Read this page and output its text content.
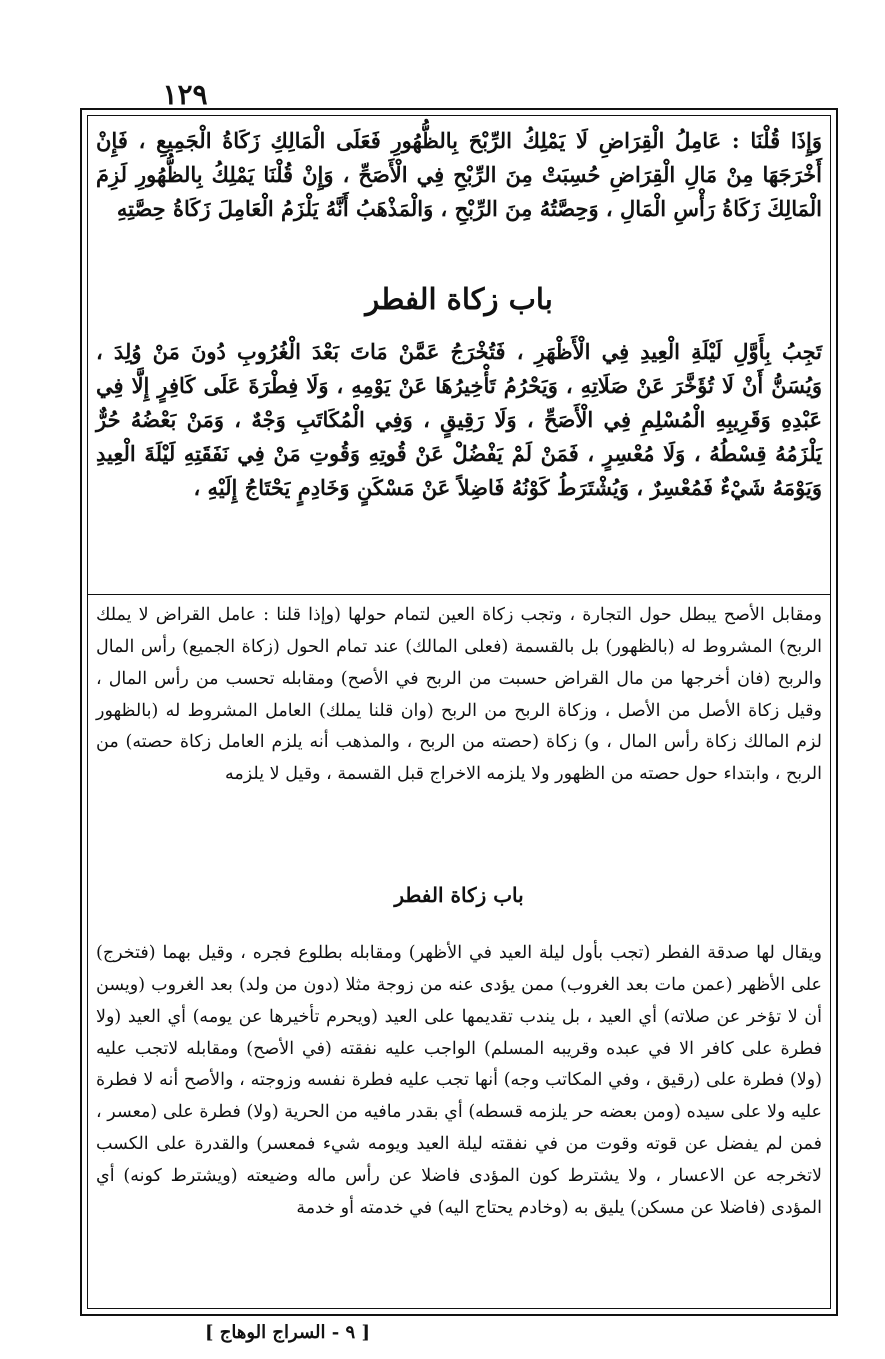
١٢٩
وَإِذَا قُلْنَا : عَامِلُ الْقِرَاضِ لَا يَمْلِكُ الرِّبْحَ بِالظُّهُورِ فَعَلَى الْمَالِكِ زَكَاةُ الْجَمِيعِ ، فَإِنْ أَخْرَجَهَا مِنْ مَالِ الْقِرَاضِ حُسِبَتْ مِنَ الرِّبْحِ فِي الْأَصَحِّ ، وَإِنْ قُلْنَا يَمْلِكُ بِالظُّهُورِ لَزِمَ الْمَالِكَ زَكَاةُ رَأْسِ الْمَالِ ، وَحِصَّتُهُ مِنَ الرِّبْحِ ، وَالْمَذْهَبُ أَنَّهُ يَلْزَمُ الْعَامِلَ زَكَاةُ حِصَّتِهِ
باب زكاة الفطر
تَجِبُ بِأَوَّلِ لَيْلَةِ الْعِيدِ فِي الْأَظْهَرِ ، فَتُخْرَجُ عَمَّنْ مَاتَ بَعْدَ الْغُرُوبِ دُونَ مَنْ وُلِدَ ، وَيُسَنُّ أَنْ لَا تُؤَخَّرَ عَنْ صَلَاتِهِ ، وَيَحْرُمُ تَأْخِيرُهَا عَنْ يَوْمِهِ ، وَلَا فِطْرَةَ عَلَى كَافِرٍ إِلَّا فِي عَبْدِهِ وَقَرِيبِهِ الْمُسْلِمِ فِي الْأَصَحِّ ، وَلَا رَقِيقٍ ، وَفِي الْمُكَاتَبِ وَجْهٌ ، وَمَنْ بَعْضُهُ حُرٌّ يَلْزَمُهُ قِسْطُهُ ، وَلَا مُعْسِرٍ ، فَمَنْ لَمْ يَفْضُلْ عَنْ قُوتِهِ وَقُوتِ مَنْ فِي نَفَقَتِهِ لَيْلَةَ الْعِيدِ وَيَوْمَهُ شَيْءٌ فَمُعْسِرٌ ، وَيُشْتَرَطُ كَوْنُهُ فَاضِلاً عَنْ مَسْكَنٍ وَخَادِمٍ يَحْتَاجُ إِلَيْهِ ،
ومقابل الأصح يبطل حول التجارة ، وتجب زكاة العين لتمام حولها (وإذا قلنا : عامل القراض لا يملك الربح) المشروط له (بالظهور) بل بالقسمة (فعلى المالك) عند تمام الحول (زكاة الجميع) رأس المال والربح (فان أخرجها من مال القراض حسبت من الربح في الأصح) ومقابله تحسب من رأس المال ، وقيل زكاة الأصل من الأصل ، وزكاة الربح من الربح (وان قلنا يملك) العامل المشروط له (بالظهور لزم المالك زكاة رأس المال ، و) زكاة (حصته من الربح ، والمذهب أنه يلزم العامل زكاة حصته) من الربح ، وابتداء حول حصته من الظهور ولا يلزمه الاخراج قبل القسمة ، وقيل لا يلزمه
باب زكاة الفطر
ويقال لها صدقة الفطر (تجب بأول ليلة العيد في الأظهر) ومقابله بطلوع فجره ، وقيل بهما (فتخرج) على الأظهر (عمن مات بعد الغروب) ممن يؤدى عنه من زوجة مثلا (دون من ولد) بعد الغروب (ويسن أن لا تؤخر عن صلاته) أي العيد ، بل يندب تقديمها على العيد (ويحرم تأخيرها عن يومه) أي العيد (ولا فطرة على كافر الا في عبده وقريبه المسلم) الواجب عليه نفقته (في الأصح) ومقابله لاتجب عليه (ولا) فطرة على (رقيق ، وفي المكاتب وجه) أنها تجب عليه فطرة نفسه وزوجته ، والأصح أنه لا فطرة عليه ولا على سيده (ومن بعضه حر يلزمه قسطه) أي بقدر مافيه من الحرية (ولا) فطرة على (معسر ، فمن لم يفضل عن قوته وقوت من في نفقته ليلة العيد ويومه شيء فمعسر) والقدرة على الكسب لاتخرجه عن الاعسار ، ولا يشترط كون المؤدى فاضلا عن رأس ماله وضيعته (ويشترط كونه) أي المؤدى (فاضلا عن مسكن) يليق به (وخادم يحتاج اليه) في خدمته أو خدمة
[ ٩ - السراج الوهاج ]
